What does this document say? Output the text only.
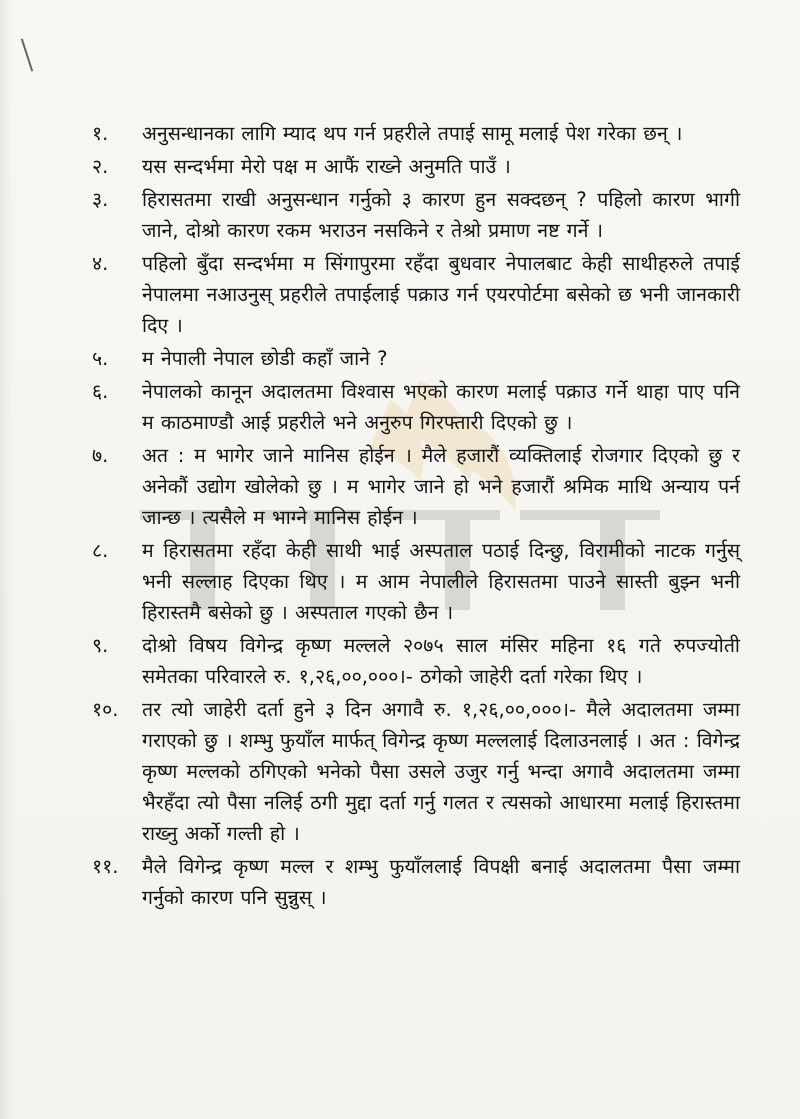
१.	अनुसन्धानका लागि म्याद थप गर्न प्रहरीले तपाई सामू मलाई पेश गरेका छन् ।
२.	यस सन्दर्भमा मेरो पक्ष म आफैं राख्ने अनुमति पाउँ ।
३.	हिरासतमा राखी अनुसन्धान गर्नुको ३ कारण हुन सक्दछन् ? पहिलो कारण भागी जाने, दोश्रो कारण रकम भराउन नसकिने र तेश्रो प्रमाण नष्ट गर्ने ।
४.	पहिलो बुँदा सन्दर्भमा म सिंगापुरमा रहँदा बुधवार नेपालबाट केही साथीहरुले तपाई नेपालमा नआउनुस् प्रहरीले तपाईलाई पक्राउ गर्न एयरपोर्टमा बसेको छ भनी जानकारी दिए ।
५.	म नेपाली नेपाल छोडी कहाँ जाने ?
६.	नेपालको कानून अदालतमा विश्वास भएको कारण मलाई पक्राउ गर्ने थाहा पाए पनि म काठमाण्डौ आई प्रहरीले भने अनुरुप गिरफ्तारी दिएको छु ।
७.	अत : म भागेर जाने मानिस होईन । मैले हजारौं व्यक्तिलाई रोजगार दिएको छु र अनेकौं उद्योग खोलेको छु । म भागेर जाने हो भने हजारौं श्रमिक माथि अन्याय पर्न जान्छ । त्यसैले म भाग्ने मानिस होईन ।
८.	म हिरासतमा रहँदा केही साथी भाई अस्पताल पठाई दिन्छु, विरामीको नाटक गर्नुस् भनी सल्लाह दिएका थिए । म आम नेपालीले हिरासतमा पाउने सास्ती बुझ्न भनी हिरास्तमै बसेको छु । अस्पताल गएको छैन ।
९.	दोश्रो विषय विगेन्द्र कृष्ण मल्लले २०७५ साल मंसिर महिना १६ गते रुपज्योती समेतका परिवारले रु. १,२६,००,०००।- ठगेको जाहेरी दर्ता गरेका थिए ।
१०.	तर त्यो जाहेरी दर्ता हुने ३ दिन अगावै रु. १,२६,००,०००।- मैले अदालतमा जम्मा गराएको छु । शम्भु फुयाँल मार्फत् विगेन्द्र कृष्ण मल्ललाई दिलाउनलाई । अत : विगेन्द्र कृष्ण मल्लको ठगिएको भनेको पैसा उसले उजुर गर्नु भन्दा अगावै अदालतमा जम्मा भैरहँदा त्यो पैसा नलिई ठगी मुद्दा दर्ता गर्नु गलत र त्यसको आधारमा मलाई हिरास्तमा राख्नु अर्को गल्ती हो ।
११.	मैले विगेन्द्र कृष्ण मल्ल र शम्भु फुयाँललाई विपक्षी बनाई अदालतमा पैसा जम्मा गर्नुको कारण पनि सुन्नुस् ।
